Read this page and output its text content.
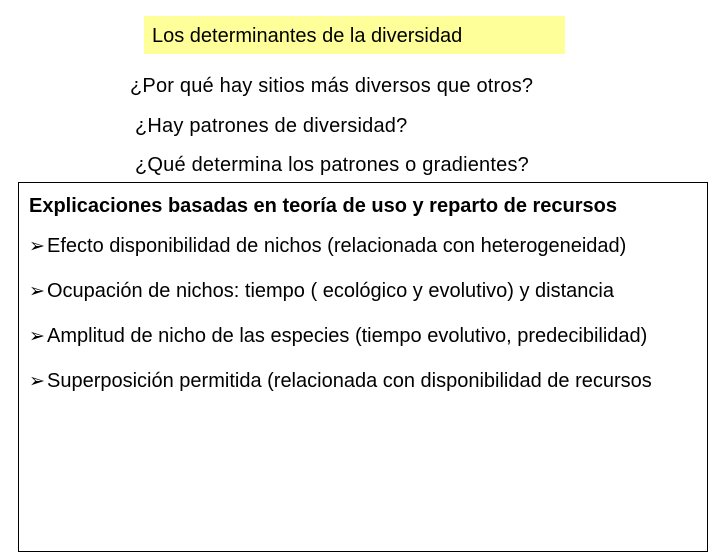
Los determinantes de la diversidad
¿Por qué hay sitios más diversos que otros?
¿Hay patrones de diversidad?
¿Qué determina los patrones o gradientes?
Explicaciones basadas en teoría de uso y reparto de recursos
➢ Efecto disponibilidad de nichos (relacionada con heterogeneidad)
➢ Ocupación de nichos: tiempo ( ecológico y evolutivo) y distancia
➢ Amplitud de nicho de las especies (tiempo evolutivo, predecibilidad)
➢ Superposición permitida (relacionada con disponibilidad de recursos
